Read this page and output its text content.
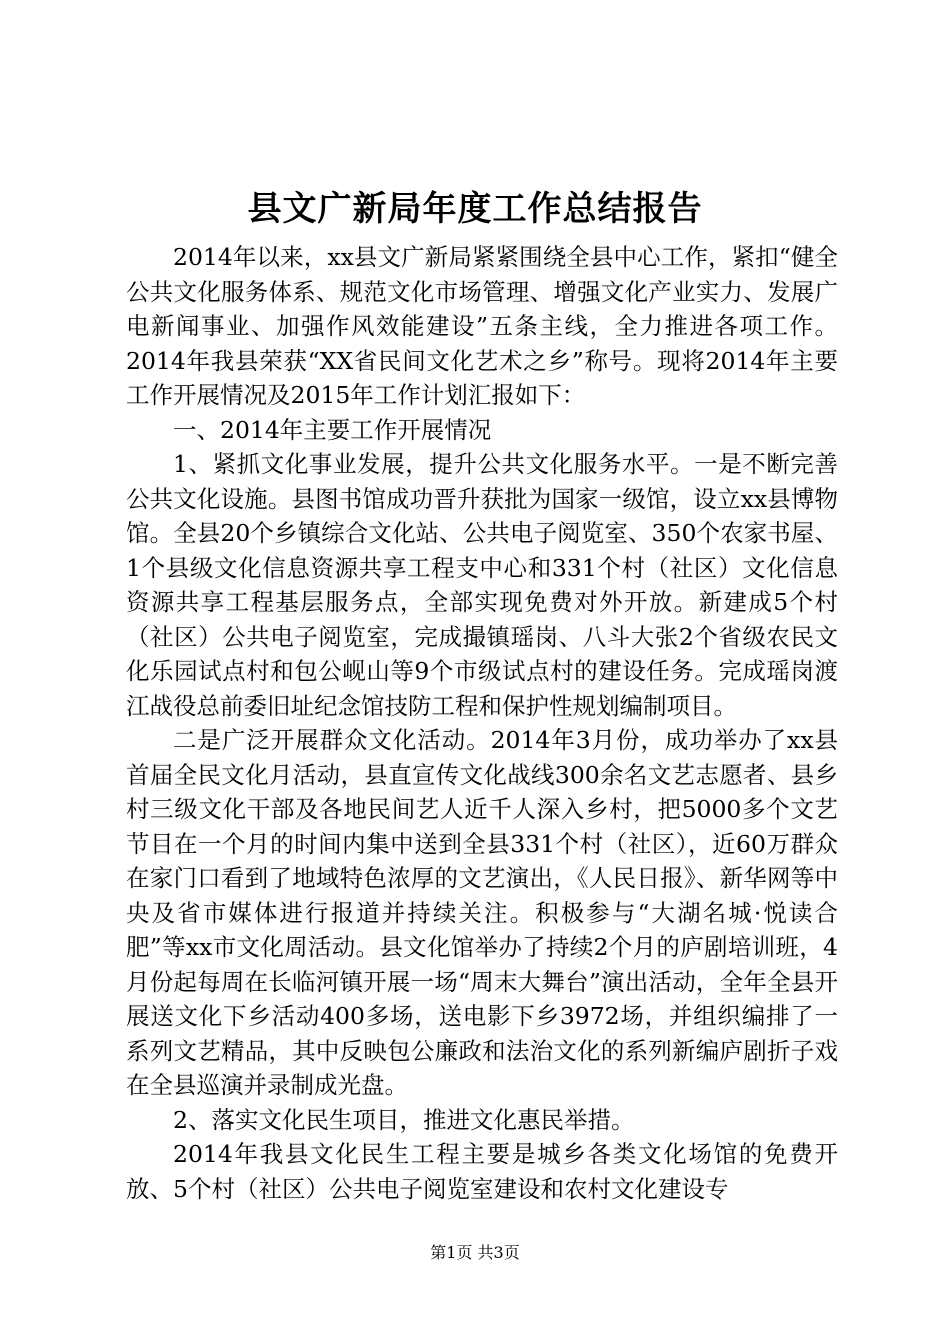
县文广新局年度工作总结报告

2014年以来，xx县文广新局紧紧围绕全县中心工作，紧扣“健全公共文化服务体系、规范文化市场管理、增强文化产业实力、发展广电新闻事业、加强作风效能建设”五条主线，全力推进各项工作。2014年我县荣获“XX省民间文化艺术之乡”称号。现将2014年主要工作开展情况及2015年工作计划汇报如下：

一、2014年主要工作开展情况

1、紧抓文化事业发展，提升公共文化服务水平。一是不断完善公共文化设施。县图书馆成功晋升获批为国家一级馆，设立xx县博物馆。全县20个乡镇综合文化站、公共电子阅览室、350个农家书屋、1个县级文化信息资源共享工程支中心和331个村（社区）文化信息资源共享工程基层服务点，全部实现免费对外开放。新建成5个村（社区）公共电子阅览室，完成撮镇瑶岗、八斗大张2个省级农民文化乐园试点村和包公岘山等9个市级试点村的建设任务。完成瑶岗渡江战役总前委旧址纪念馆技防工程和保护性规划编制项目。

二是广泛开展群众文化活动。2014年3月份，成功举办了xx县首届全民文化月活动，县直宣传文化战线300余名文艺志愿者、县乡村三级文化干部及各地民间艺人近千人深入乡村，把5000多个文艺节目在一个月的时间内集中送到全县331个村（社区），近60万群众在家门口看到了地域特色浓厚的文艺演出，《人民日报》、新华网等中央及省市媒体进行报道并持续关注。积极参与“大湖名城·悦读合肥”等xx市文化周活动。县文化馆举办了持续2个月的庐剧培训班，4月份起每周在长临河镇开展一场“周末大舞台”演出活动，全年全县开展送文化下乡活动400多场，送电影下乡3972场，并组织编排了一系列文艺精品，其中反映包公廉政和法治文化的系列新编庐剧折子戏在全县巡演并录制成光盘。

2、落实文化民生项目，推进文化惠民举措。

2014年我县文化民生工程主要是城乡各类文化场馆的免费开放、5个村（社区）公共电子阅览室建设和农村文化建设专

第1页 共3页
